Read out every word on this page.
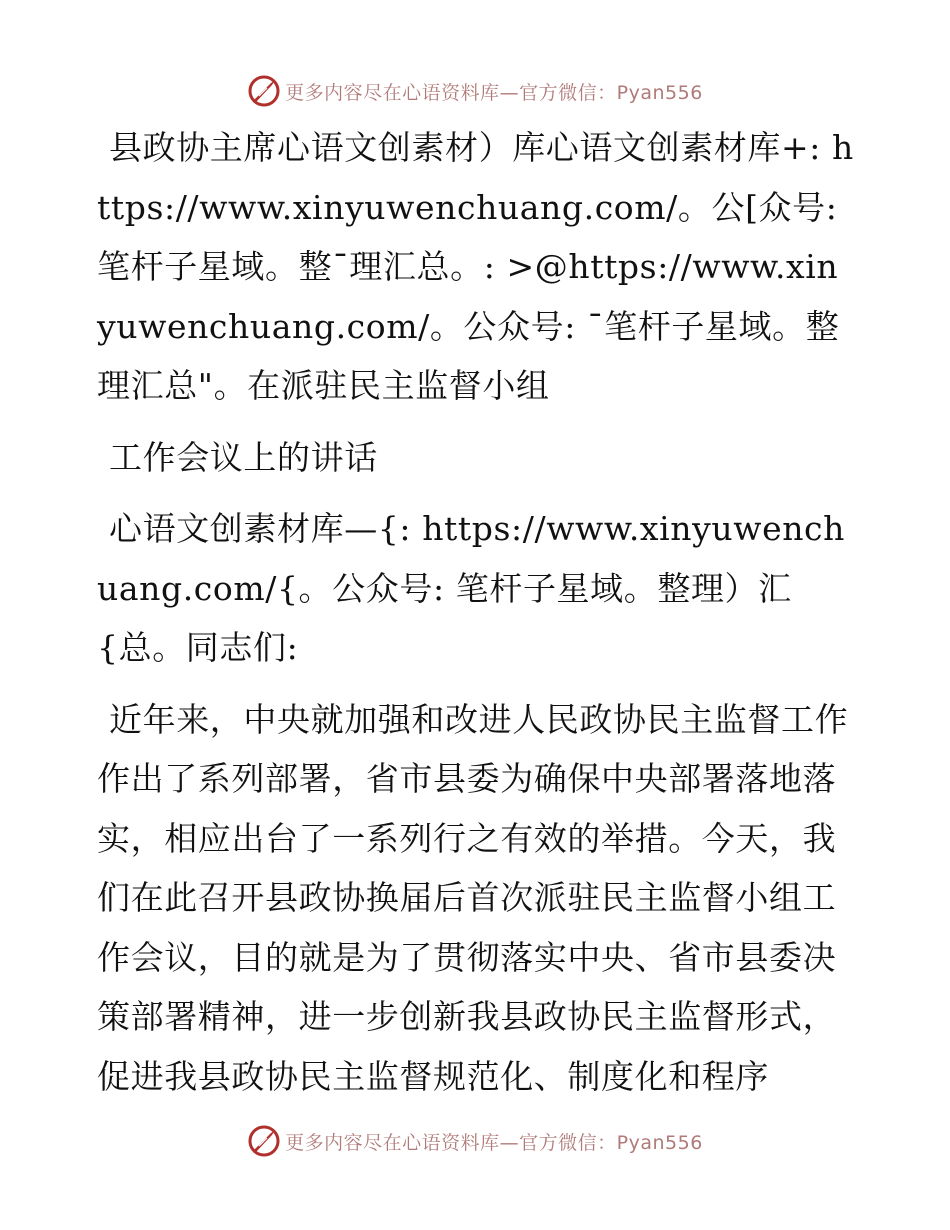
更多内容尽在心语资料库—官方微信：Pyan556

县政协主席心语文创素材）库心语文创素材库+: https://www.xinyuwenchuang.com/。公[众号: 笔杆子星域。整¯理汇总。: >@https://www.xinyuwenchuang.com/。公众号: ¯笔杆子星域。整理汇总"。在派驻民主监督小组

工作会议上的讲话

心语文创素材库—{: https://www.xinyuwenchuang.com/{。公众号: 笔杆子星域。整理）汇{总。同志们:

近年来，中央就加强和改进人民政协民主监督工作作出了系列部署，省市县委为确保中央部署落地落实，相应出台了一系列行之有效的举措。今天，我们在此召开县政协换届后首次派驻民主监督小组工作会议，目的就是为了贯彻落实中央、省市县委决策部署精神，进一步创新我县政协民主监督形式，促进我县政协民主监督规范化、制度化和程序

更多内容尽在心语资料库—官方微信：Pyan556
